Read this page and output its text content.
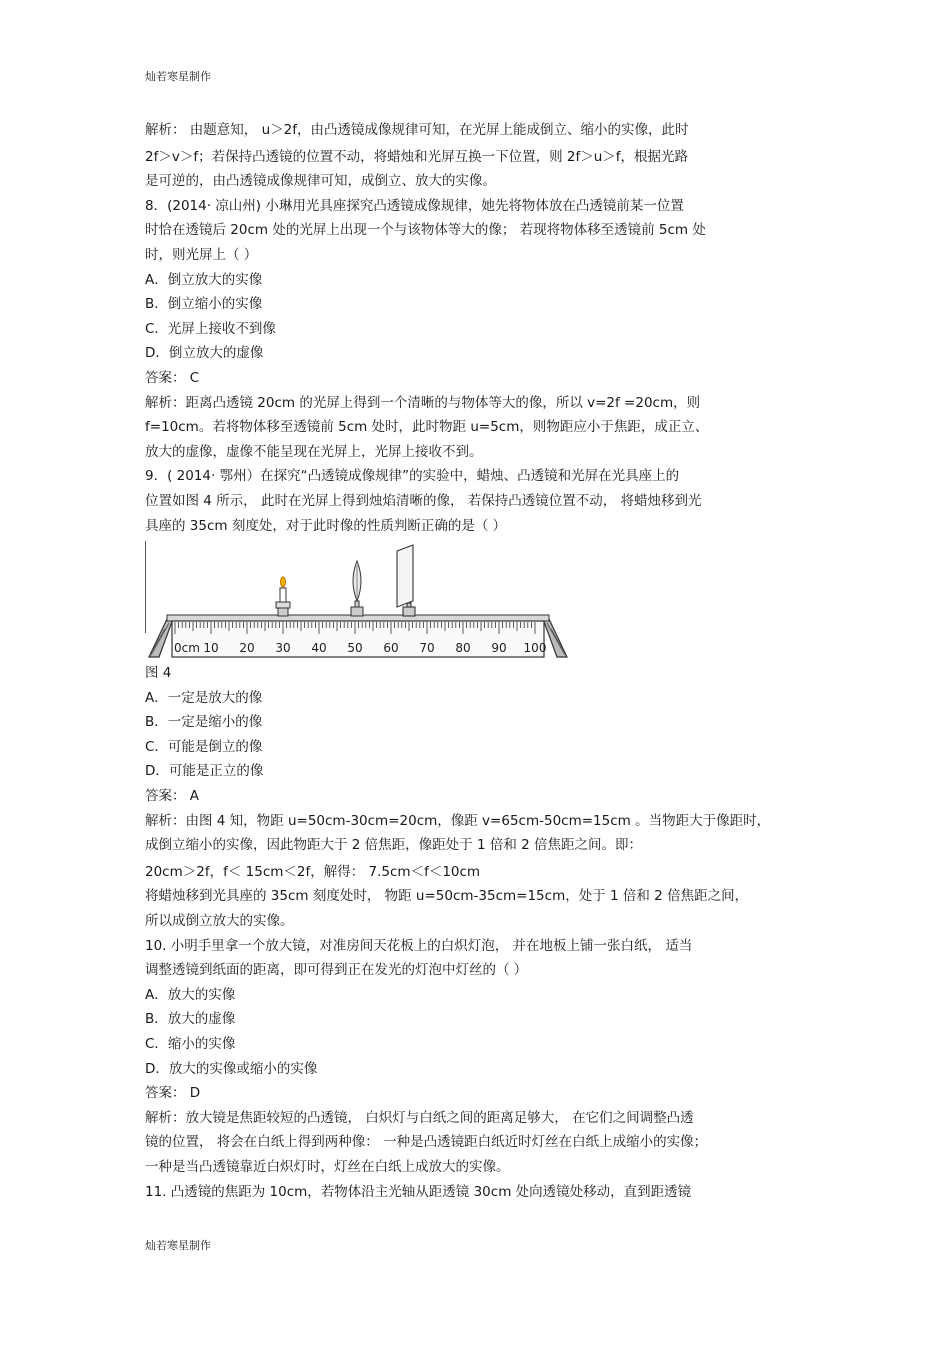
灿若寒星制作
解析： 由题意知， u＞2f，由凸透镜成像规律可知，在光屏上能成倒立、缩小的实像，此时
2f＞v＞f；若保持凸透镜的位置不动，将蜡烛和光屏互换一下位置，则 2f＞u＞f，根据光路
是可逆的，由凸透镜成像规律可知，成倒立、放大的实像。
8．(2014· 凉山州) 小琳用光具座探究凸透镜成像规律，她先将物体放在凸透镜前某一位置
时恰在透镜后 20cm 处的光屏上出现一个与该物体等大的像； 若现将物体移至透镜前 5cm 处
时，则光屏上（ ）
A．倒立放大的实像
B．倒立缩小的实像
C．光屏上接收不到像
D．倒立放大的虚像
答案： C
解析：距离凸透镜 20cm 的光屏上得到一个清晰的与物体等大的像，所以 v=2f =20cm，则
f=10cm。若将物体移至透镜前 5cm 处时，此时物距 u=5cm，则物距应小于焦距，成正立、
放大的虚像，虚像不能呈现在光屏上，光屏上接收不到。
9．( 2014· 鄂州）在探究“凸透镜成像规律”的实验中，蜡烛、凸透镜和光屏在光具座上的
位置如图 4 所示， 此时在光屏上得到烛焰清晰的像， 若保持凸透镜位置不动， 将蜡烛移到光
具座的 35cm 刻度处，对于此时像的性质判断正确的是（ ）
0cm 10 20 30 40 50 60 70 80 90 100
图 4
A．一定是放大的像
B．一定是缩小的像
C．可能是倒立的像
D．可能是正立的像
答案： A
解析：由图 4 知，物距 u=50cm-30cm=20cm，像距 v=65cm-50cm=15cm 。当物距大于像距时，
成倒立缩小的实像，因此物距大于 2 倍焦距，像距处于 1 倍和 2 倍焦距之间。即：
20cm＞2f，f＜ 15cm＜2f，解得： 7.5cm＜f＜10cm
将蜡烛移到光具座的 35cm 刻度处时， 物距 u=50cm-35cm=15cm，处于 1 倍和 2 倍焦距之间，
所以成倒立放大的实像。
10. 小明手里拿一个放大镜，对准房间天花板上的白炽灯泡， 并在地板上铺一张白纸， 适当
调整透镜到纸面的距离，即可得到正在发光的灯泡中灯丝的（ ）
A．放大的实像
B．放大的虚像
C．缩小的实像
D．放大的实像或缩小的实像
答案： D
解析：放大镜是焦距较短的凸透镜， 白炽灯与白纸之间的距离足够大， 在它们之间调整凸透
镜的位置， 将会在白纸上得到两种像： 一种是凸透镜距白纸近时灯丝在白纸上成缩小的实像；
一种是当凸透镜靠近白炽灯时，灯丝在白纸上成放大的实像。
11. 凸透镜的焦距为 10cm，若物体沿主光轴从距透镜 30cm 处向透镜处移动，直到距透镜
灿若寒星制作
